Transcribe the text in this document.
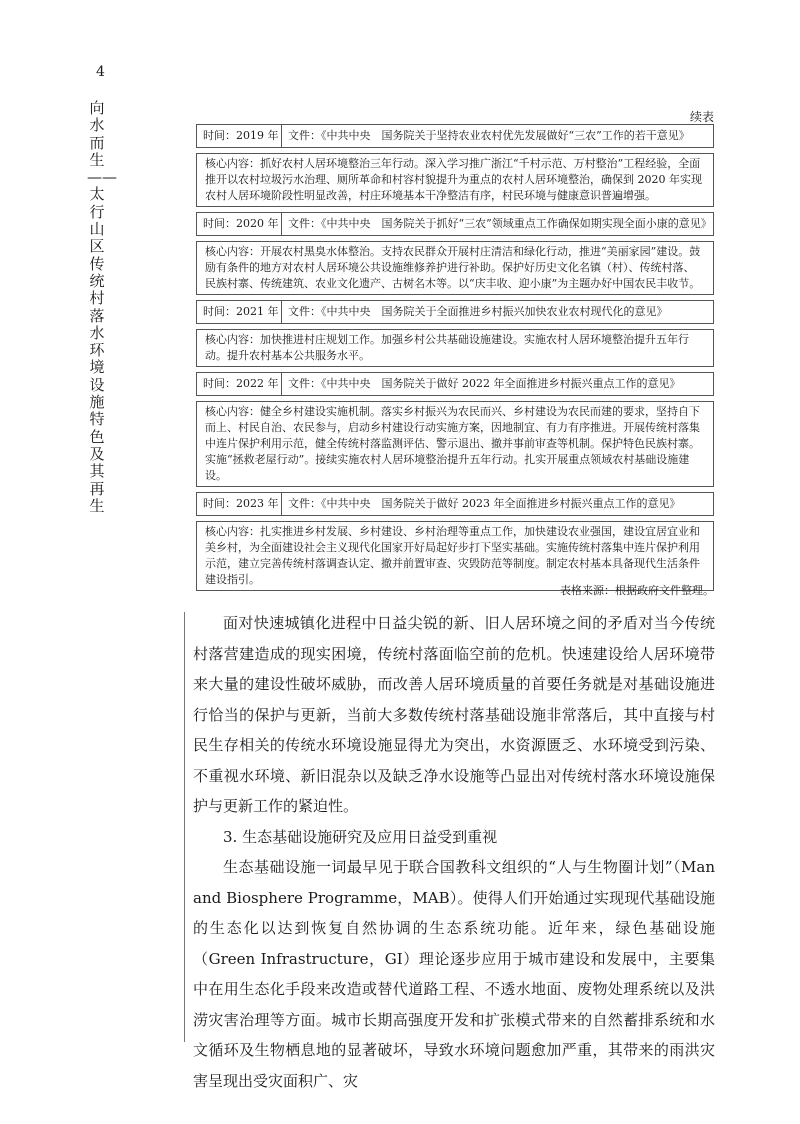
4
向水而生——太行山区传统村落水环境设施特色及其再生
续表
时间：2019 年 文件：《中共中央　国务院关于坚持农业农村优先发展做好“三农”工作的若干意见》
核心内容：抓好农村人居环境整治三年行动。深入学习推广浙江“千村示范、万村整治”工程经验，全面推开以农村垃圾污水治理、厕所革命和村容村貌提升为重点的农村人居环境整治，确保到 2020 年实现农村人居环境阶段性明显改善，村庄环境基本干净整洁有序，村民环境与健康意识普遍增强。
时间：2020 年 文件：《中共中央　国务院关于抓好“三农”领域重点工作确保如期实现全面小康的意见》
核心内容：开展农村黑臭水体整治。支持农民群众开展村庄清洁和绿化行动，推进“美丽家园”建设。鼓励有条件的地方对农村人居环境公共设施维修养护进行补助。保护好历史文化名镇（村）、传统村落、民族村寨、传统建筑、农业文化遗产、古树名木等。以“庆丰收、迎小康”为主题办好中国农民丰收节。
时间：2021 年 文件：《中共中央　国务院关于全面推进乡村振兴加快农业农村现代化的意见》
核心内容：加快推进村庄规划工作。加强乡村公共基础设施建设。实施农村人居环境整治提升五年行动。提升农村基本公共服务水平。
时间：2022 年 文件：《中共中央　国务院关于做好 2022 年全面推进乡村振兴重点工作的意见》
核心内容：健全乡村建设实施机制。落实乡村振兴为农民而兴、乡村建设为农民而建的要求，坚持自下而上、村民自治、农民参与，启动乡村建设行动实施方案，因地制宜、有力有序推进。开展传统村落集中连片保护利用示范，健全传统村落监测评估、警示退出、撤并事前审查等机制。保护特色民族村寨。实施“拯救老屋行动”。接续实施农村人居环境整治提升五年行动。扎实开展重点领域农村基础设施建设。
时间：2023 年 文件：《中共中央　国务院关于做好 2023 年全面推进乡村振兴重点工作的意见》
核心内容：扎实推进乡村发展、乡村建设、乡村治理等重点工作，加快建设农业强国，建设宜居宜业和美乡村，为全面建设社会主义现代化国家开好局起好步打下坚实基础。实施传统村落集中连片保护利用示范，建立完善传统村落调查认定、撤并前置审查、灾毁防范等制度。制定农村基本具备现代生活条件建设指引。
表格来源：根据政府文件整理。

面对快速城镇化进程中日益尖锐的新、旧人居环境之间的矛盾对当今传统村落营建造成的现实困境，传统村落面临空前的危机。快速建设给人居环境带来大量的建设性破坏威胁，而改善人居环境质量的首要任务就是对基础设施进行恰当的保护与更新，当前大多数传统村落基础设施非常落后，其中直接与村民生存相关的传统水环境设施显得尤为突出，水资源匮乏、水环境受到污染、不重视水环境、新旧混杂以及缺乏净水设施等凸显出对传统村落水环境设施保护与更新工作的紧迫性。

3. 生态基础设施研究及应用日益受到重视

生态基础设施一词最早见于联合国教科文组织的“人与生物圈计划”（Man and Biosphere Programme，MAB）。使得人们开始通过实现现代基础设施的生态化以达到恢复自然协调的生态系统功能。近年来，绿色基础设施（Green Infrastructure，GI）理论逐步应用于城市建设和发展中，主要集中在用生态化手段来改造或替代道路工程、不透水地面、废物处理系统以及洪涝灾害治理等方面。城市长期高强度开发和扩张模式带来的自然蓄排系统和水文循环及生物栖息地的显著破坏，导致水环境问题愈加严重，其带来的雨洪灾害呈现出受灾面积广、灾
